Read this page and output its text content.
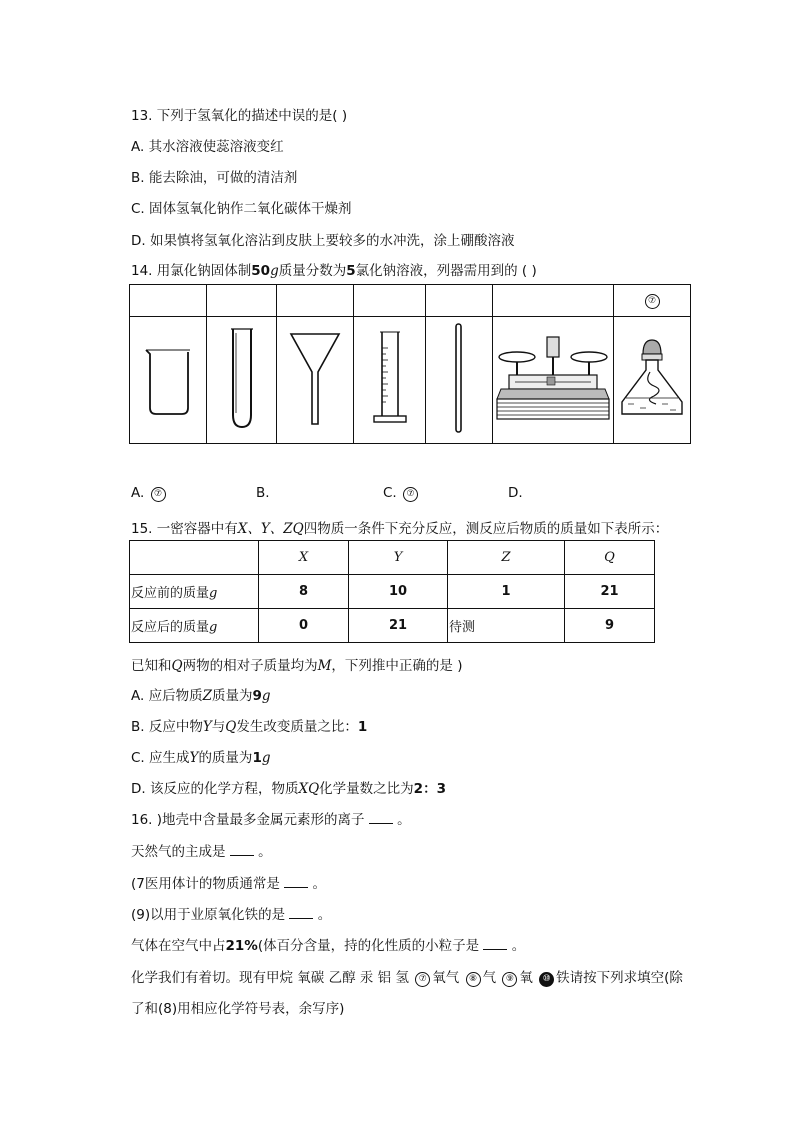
13. 下列于氢氧化的描述中误的是( )
A. 其水溶液使蕊溶液变红
B. 能去除油，可做的清洁剂
C. 固体氢氧化钠作二氧化碳体干燥剂
D. 如果慎将氢氧化溶沾到皮肤上要较多的水冲洗，涂上硼酸溶液
14. 用氯化钠固体制50g质量分数为5氯化钠溶液，列器需用到的 ( )
						⑦

A. ⑦	B.	C. ⑦	D.
15. 一密容器中有X、Y、ZQ四物质一条件下充分反应，测反应后物质的质量如下表所示：
	X	Y	Z	Q
反应前的质量g	8	10	1	21
反应后的质量g	0	21	待测	9
已知和Q两物的相对子质量均为M，下列推中正确的是 )
A. 应后物质Z质量为9g
B. 反应中物Y与Q发生改变质量之比：1
C. 应生成Y的质量为1g
D. 该反应的化学方程，物质XQ化学量数之比为2：3
16. )地壳中含量最多金属元素形的离子 。
天然气的主成是 。
(7医用体计的物质通常是 。
(9)以用于业原氧化铁的是 。
气体在空气中占21%(体百分含量，持的化性质的小粒子是 。
化学我们有着切。现有甲烷 氧碳 乙醇 汞 铝 氢 ⑦ 氧气 ⑧ 气 ⑨ 氧 ⑩ 铁请按下列求填空(除
了和(8)用相应化学符号表，余写序)
